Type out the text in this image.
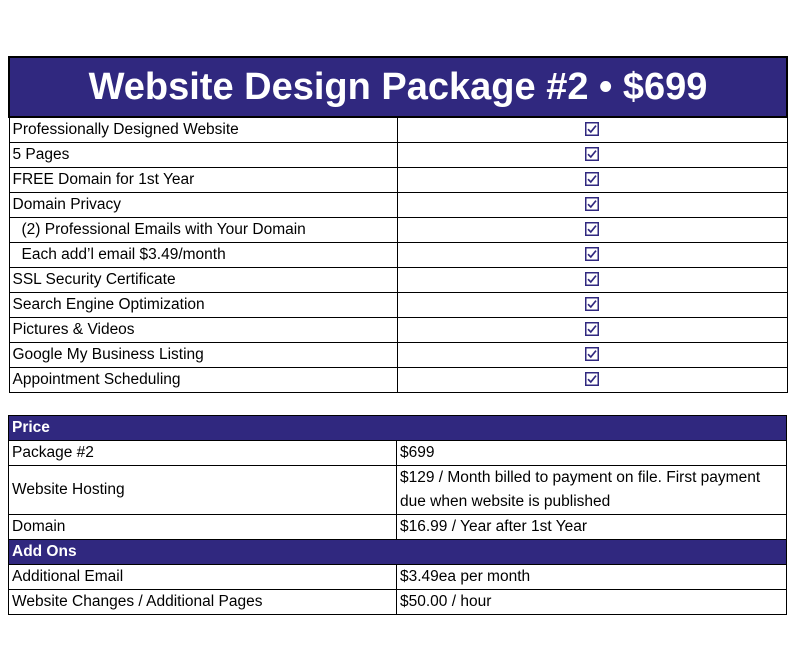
Website Design Package #2 • $699	
Professionally Designed Website	
5 Pages	
FREE Domain for 1st Year	
Domain Privacy	
(2) Professional Emails with Your Domain	
Each add’l email $3.49/month	
SSL Security Certificate	
Search Engine Optimization	
Pictures & Videos	
Google My Business Listing	
Appointment Scheduling	
Price	
Package #2	$699
Website Hosting	$129 / Month billed to payment on file. First payment due when website is published
Domain	$16.99 / Year after 1st Year
Add Ons	
Additional Email	$3.49ea per month
Website Changes / Additional Pages	$50.00 / hour
